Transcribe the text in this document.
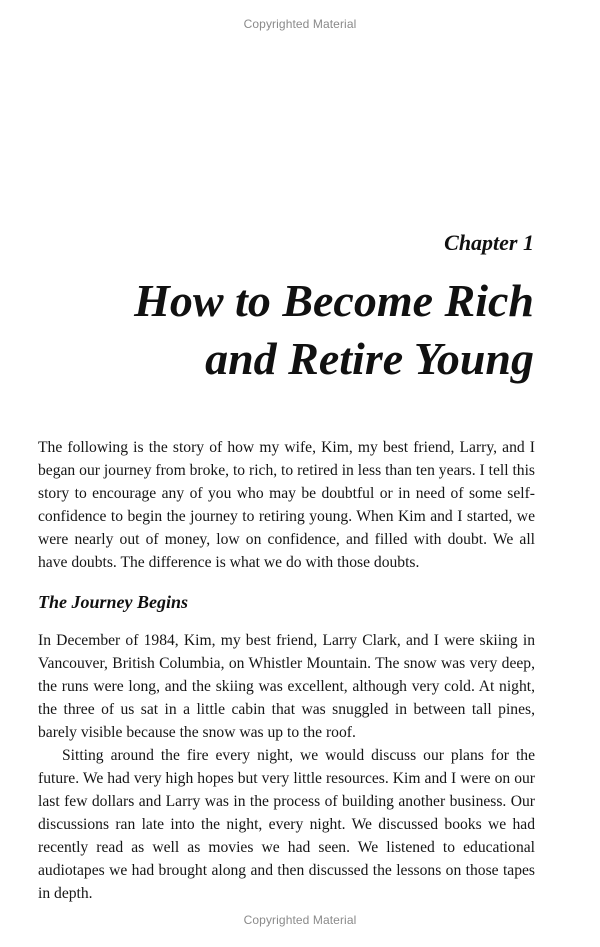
Copyrighted Material
Chapter 1
How to Become Rich
and Retire Young

The following is the story of how my wife, Kim, my best friend, Larry, and I began our journey from broke, to rich, to retired in less than ten years. I tell this story to encourage any of you who may be doubtful or in need of some self-confidence to begin the journey to retiring young. When Kim and I started, we were nearly out of money, low on confidence, and filled with doubt. We all have doubts. The difference is what we do with those doubts.

The Journey Begins

In December of 1984, Kim, my best friend, Larry Clark, and I were skiing in Vancouver, British Columbia, on Whistler Mountain. The snow was very deep, the runs were long, and the skiing was excellent, although very cold. At night, the three of us sat in a little cabin that was snuggled in between tall pines, barely visible because the snow was up to the roof.

Sitting around the fire every night, we would discuss our plans for the future. We had very high hopes but very little resources. Kim and I were on our last few dollars and Larry was in the process of building another business. Our discussions ran late into the night, every night. We discussed books we had recently read as well as movies we had seen. We listened to educational audiotapes we had brought along and then discussed the lessons on those tapes in depth.

Copyrighted Material
